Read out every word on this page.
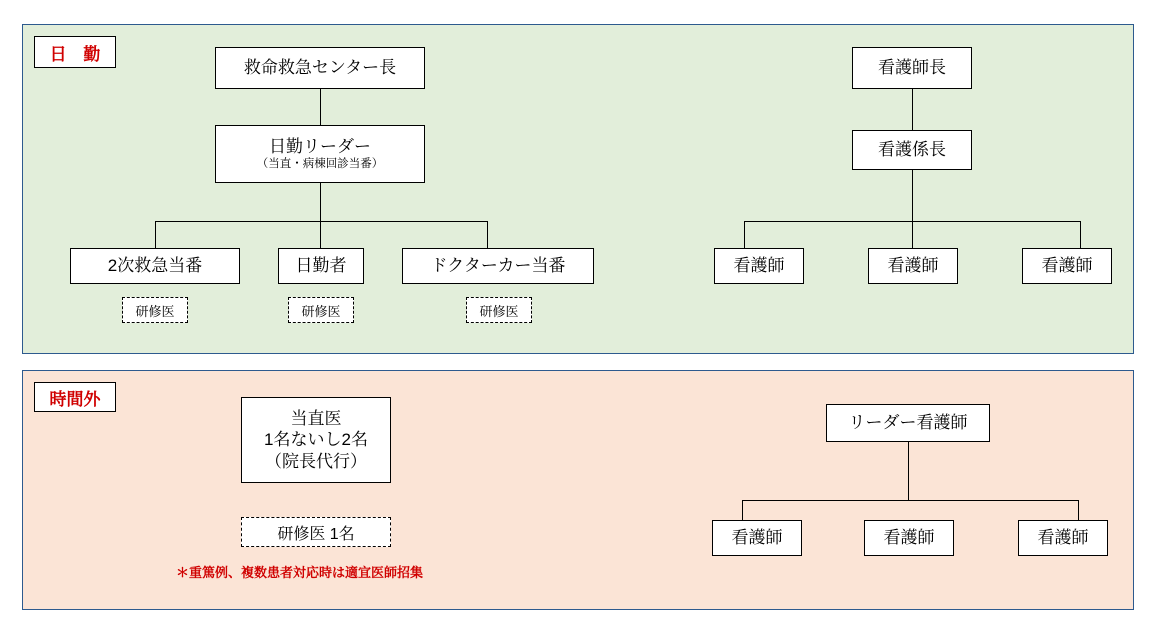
日 勤
救命救急センター長
日勤リーダー
（当直・病棟回診当番）
2次救急当番	日勤者	ドクターカー当番
研修医	研修医	研修医
看護師長
看護係長
看護師	看護師	看護師
時間外
当直医
1名ないし2名
（院長代行）
研修医 1名
＊重篤例、複数患者対応時は適宜医師招集
リーダー看護師
看護師	看護師	看護師
